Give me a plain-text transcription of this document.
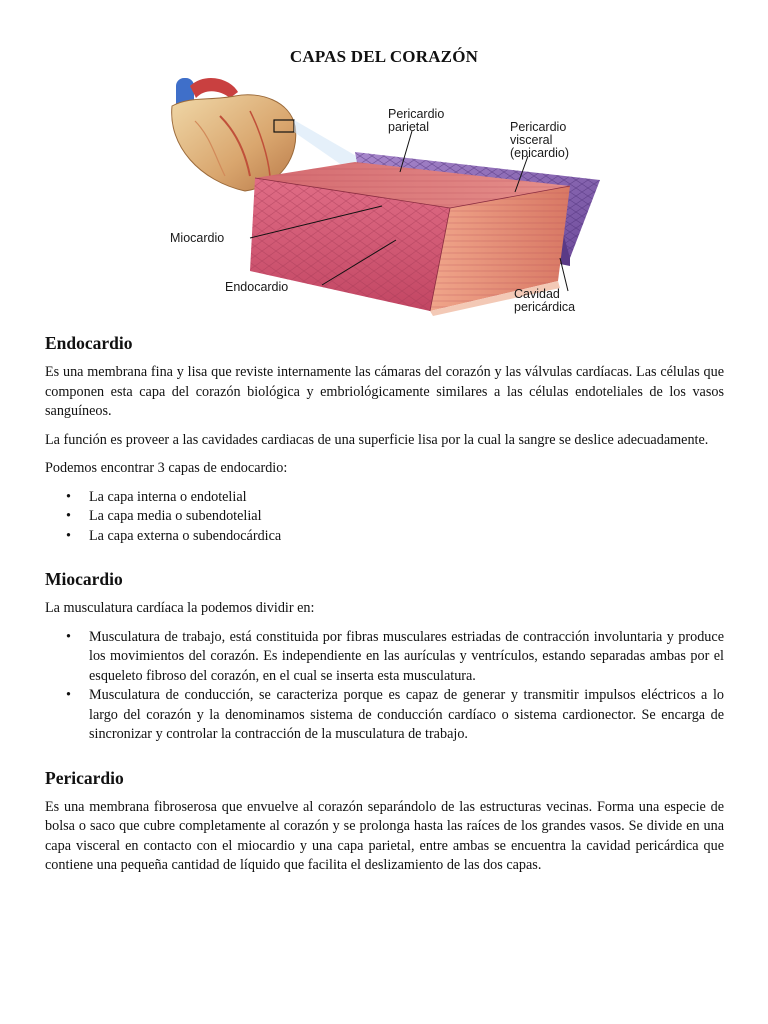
CAPAS DEL CORAZÓN
Pericardio
parietal	Pericardio
visceral
(epicardio)
Miocardio
Endocardio	Cavidad
pericárdica
Endocardio

Es una membrana fina y lisa que reviste internamente las cámaras del corazón y las válvulas cardíacas. Las células que componen esta capa del corazón biológica y embriológicamente similares a las células endoteliales de los vasos sanguíneos.

La función es proveer a las cavidades cardiacas de una superficie lisa por la cual la sangre se deslice adecuadamente.

Podemos encontrar 3 capas de endocardio:

• La capa interna o endotelial
• La capa media o subendotelial
• La capa externa o subendocárdica
Miocardio

La musculatura cardíaca la podemos dividir en:

• Musculatura de trabajo, está constituida por fibras musculares estriadas de contracción involuntaria y produce los movimientos del corazón. Es independiente en las aurículas y ventrículos, estando separadas ambas por el esqueleto fibroso del corazón, en el cual se inserta esta musculatura.
• Musculatura de conducción, se caracteriza porque es capaz de generar y transmitir impulsos eléctricos a lo largo del corazón y la denominamos sistema de conducción cardíaco o sistema cardionector. Se encarga de sincronizar y controlar la contracción de la musculatura de trabajo.
Pericardio

Es una membrana fibroserosa que envuelve al corazón separándolo de las estructuras vecinas. Forma una especie de bolsa o saco que cubre completamente al corazón y se prolonga hasta las raíces de los grandes vasos. Se divide en una capa visceral en contacto con el miocardio y una capa parietal, entre ambas se encuentra la cavidad pericárdica que contiene una pequeña cantidad de líquido que facilita el deslizamiento de las dos capas.
